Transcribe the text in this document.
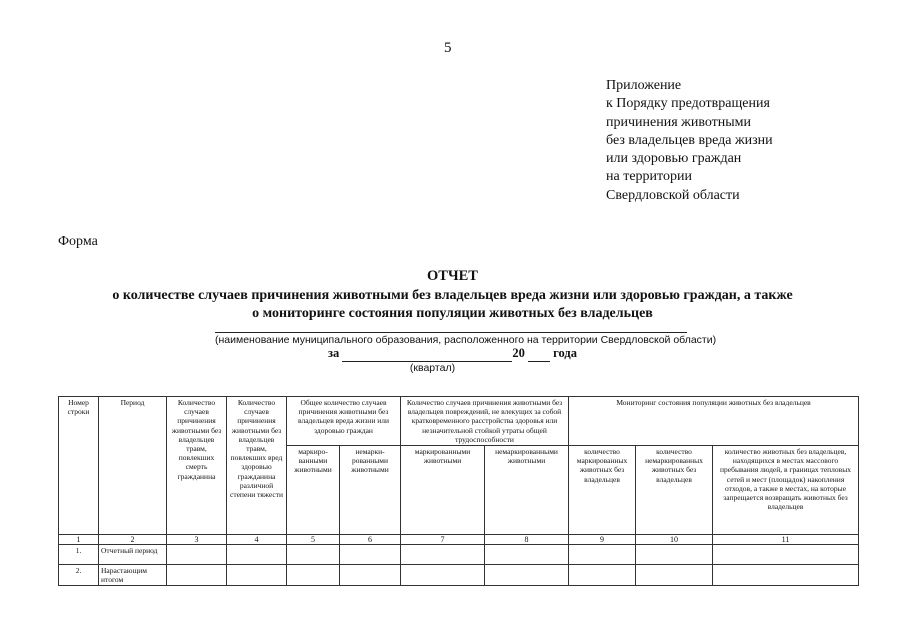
5
Приложение
к Порядку предотвращения
причинения животными
без владельцев вреда жизни
или здоровью граждан
на территории
Свердловской области
Форма
ОТЧЕТ
о количестве случаев причинения животными без владельцев вреда жизни или здоровью граждан, а также
о мониторинге состояния популяции животных без владельцев
(наименование муниципального образования, расположенного на территории Свердловской области)
за	20 года
(квартал)
Номер строки	Период	Количество случаев причинения животными без владельцев травм, повлекших смерть гражданина	Количество случаев причинения животными без владельцев травм, повлекших вред здоровью гражданина различной степени тяжести	Общее количество случаев причинения животными без владельцев вреда жизни или здоровью граждан		Количество случаев причинения животными без владельцев повреждений, не влекущих за собой кратковременного расстройства здоровья или незначительной стойкой утраты общей трудоспособности		Мониторинг состояния популяции животных без владельцев		
				маркиро-ванными животными	немарки-рованными животными	маркированными животными	немаркированными животными	количество маркированных животных без владельцев	количество немаркированных животных без владельцев	количество животных без владельцев, находящихся в местах массового пребывания людей, в границах тепловых сетей и мест (площадок) накопления отходов, а также в местах, на которые запрещается возвращать животных без владельцев
1	2	3	4	5	6	7	8	9	10	11
1.	Отчетный период									
2.	Нарастающим итогом									
